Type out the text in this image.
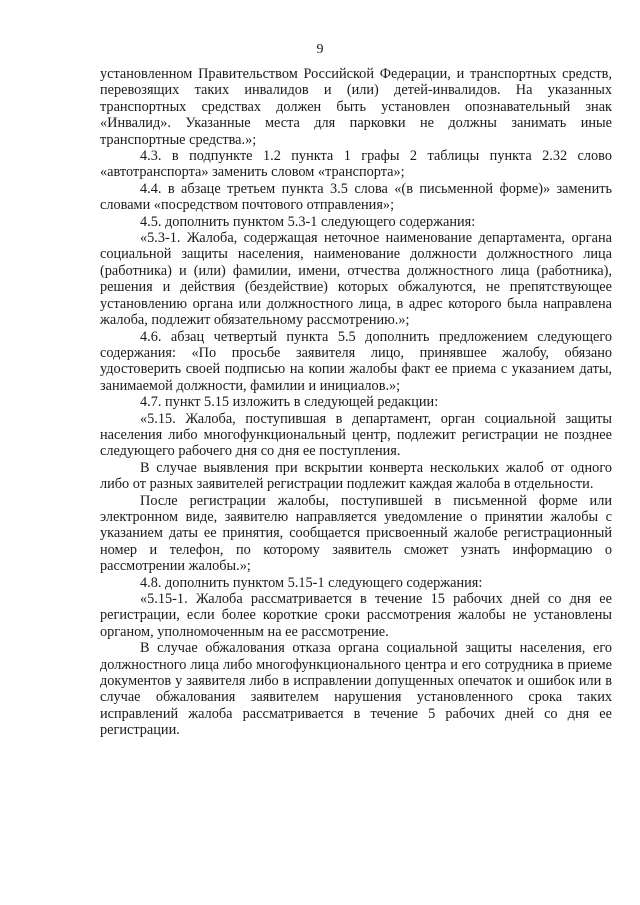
9

установленном Правительством Российской Федерации, и транспортных средств, перевозящих таких инвалидов и (или) детей-инвалидов. На указанных транспортных средствах должен быть установлен опознавательный знак «Инвалид». Указанные места для парковки не должны занимать иные транспортные средства.»;

4.3. в подпункте 1.2 пункта 1 графы 2 таблицы пункта 2.32 слово «автотранспорта» заменить словом «транспорта»;

4.4. в абзаце третьем пункта 3.5 слова «(в письменной форме)» заменить словами «посредством почтового отправления»;

4.5. дополнить пунктом 5.3-1 следующего содержания:

«5.3-1. Жалоба, содержащая неточное наименование департамента, органа социальной защиты населения, наименование должности должностного лица (работника) и (или) фамилии, имени, отчества должностного лица (работника), решения и действия (бездействие) которых обжалуются, не препятствующее установлению органа или должностного лица, в адрес которого была направлена жалоба, подлежит обязательному рассмотрению.»;

4.6. абзац четвертый пункта 5.5 дополнить предложением следующего содержания: «По просьбе заявителя лицо, принявшее жалобу, обязано удостоверить своей подписью на копии жалобы факт ее приема с указанием даты, занимаемой должности, фамилии и инициалов.»;

4.7. пункт 5.15 изложить в следующей редакции:

«5.15. Жалоба, поступившая в департамент, орган социальной защиты населения либо многофункциональный центр, подлежит регистрации не позднее следующего рабочего дня со дня ее поступления.

В случае выявления при вскрытии конверта нескольких жалоб от одного либо от разных заявителей регистрации подлежит каждая жалоба в отдельности.

После регистрации жалобы, поступившей в письменной форме или электронном виде, заявителю направляется уведомление о принятии жалобы с указанием даты ее принятия, сообщается присвоенный жалобе регистрационный номер и телефон, по которому заявитель сможет узнать информацию о рассмотрении жалобы.»;

4.8. дополнить пунктом 5.15-1 следующего содержания:

«5.15-1. Жалоба рассматривается в течение 15 рабочих дней со дня ее регистрации, если более короткие сроки рассмотрения жалобы не установлены органом, уполномоченным на ее рассмотрение.

В случае обжалования отказа органа социальной защиты населения, его должностного лица либо многофункционального центра и его сотрудника в приеме документов у заявителя либо в исправлении допущенных опечаток и ошибок или в случае обжалования заявителем нарушения установленного срока таких исправлений жалоба рассматривается в течение 5 рабочих дней со дня ее регистрации.
